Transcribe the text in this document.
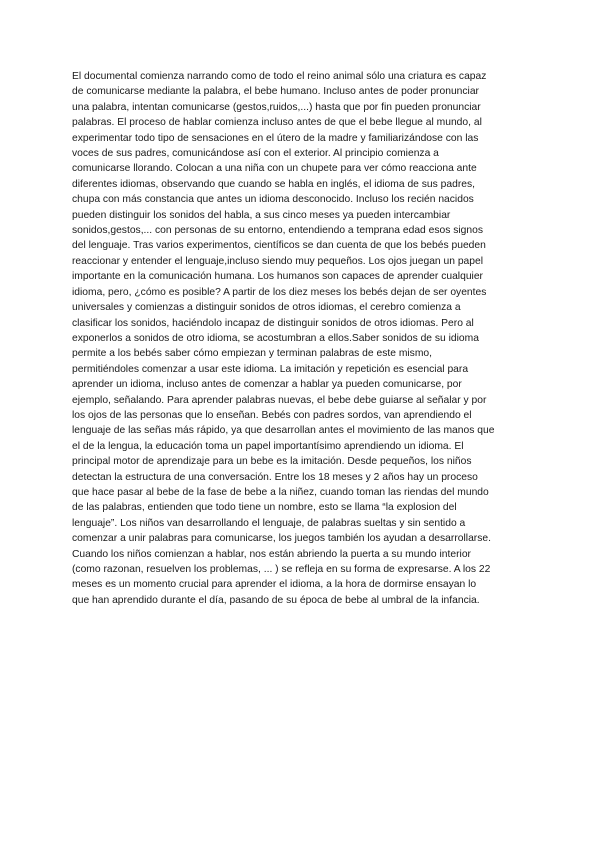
El documental comienza narrando como de todo el reino animal sólo una criatura es capaz
de comunicarse mediante la palabra, el bebe humano. Incluso antes de poder pronunciar
una palabra, intentan comunicarse (gestos,ruidos,...) hasta que por fin pueden pronunciar
palabras. El proceso de hablar comienza incluso antes de que el bebe llegue al mundo, al
experimentar todo tipo de sensaciones en el útero de la madre y familiarizándose con las
voces de sus padres, comunicándose así con el exterior. Al principio comienza a
comunicarse llorando. Colocan a una niña con un chupete para ver cómo reacciona ante
diferentes idiomas, observando que cuando se habla en inglés, el idioma de sus padres,
chupa con más constancia que antes un idioma desconocido. Incluso los recién nacidos
pueden distinguir los sonidos del habla, a sus cinco meses ya pueden intercambiar
sonidos,gestos,... con personas de su entorno, entendiendo a temprana edad esos signos
del lenguaje. Tras varios experimentos, científicos se dan cuenta de que los bebés pueden
reaccionar y entender el lenguaje,incluso siendo muy pequeños. Los ojos juegan un papel
importante en la comunicación humana. Los humanos son capaces de aprender cualquier
idioma, pero, ¿cómo es posible? A partir de los diez meses los bebés dejan de ser oyentes
universales y comienzas a distinguir sonidos de otros idiomas, el cerebro comienza a
clasificar los sonidos, haciéndolo incapaz de distinguir sonidos de otros idiomas. Pero al
exponerlos a sonidos de otro idioma, se acostumbran a ellos.Saber sonidos de su idioma
permite a los bebés saber cómo empiezan y terminan palabras de este mismo,
permitiéndoles comenzar a usar este idioma. La imitación y repetición es esencial para
aprender un idioma, incluso antes de comenzar a hablar ya pueden comunicarse, por
ejemplo, señalando. Para aprender palabras nuevas, el bebe debe guiarse al señalar y por
los ojos de las personas que lo enseñan. Bebés con padres sordos, van aprendiendo el
lenguaje de las señas más rápido, ya que desarrollan antes el movimiento de las manos que
el de la lengua, la educación toma un papel importantísimo aprendiendo un idioma. El
principal motor de aprendizaje para un bebe es la imitación. Desde pequeños, los niños
detectan la estructura de una conversación. Entre los 18 meses y 2 años hay un proceso
que hace pasar al bebe de la fase de bebe a la niñez, cuando toman las riendas del mundo
de las palabras, entienden que todo tiene un nombre, esto se llama “la explosion del
lenguaje”. Los niños van desarrollando el lenguaje, de palabras sueltas y sin sentido a
comenzar a unir palabras para comunicarse, los juegos también los ayudan a desarrollarse.
Cuando los niños comienzan a hablar, nos están abriendo la puerta a su mundo interior
(como razonan, resuelven los problemas, ... ) se refleja en su forma de expresarse. A los 22
meses es un momento crucial para aprender el idioma, a la hora de dormirse ensayan lo
que han aprendido durante el día, pasando de su época de bebe al umbral de la infancia.
